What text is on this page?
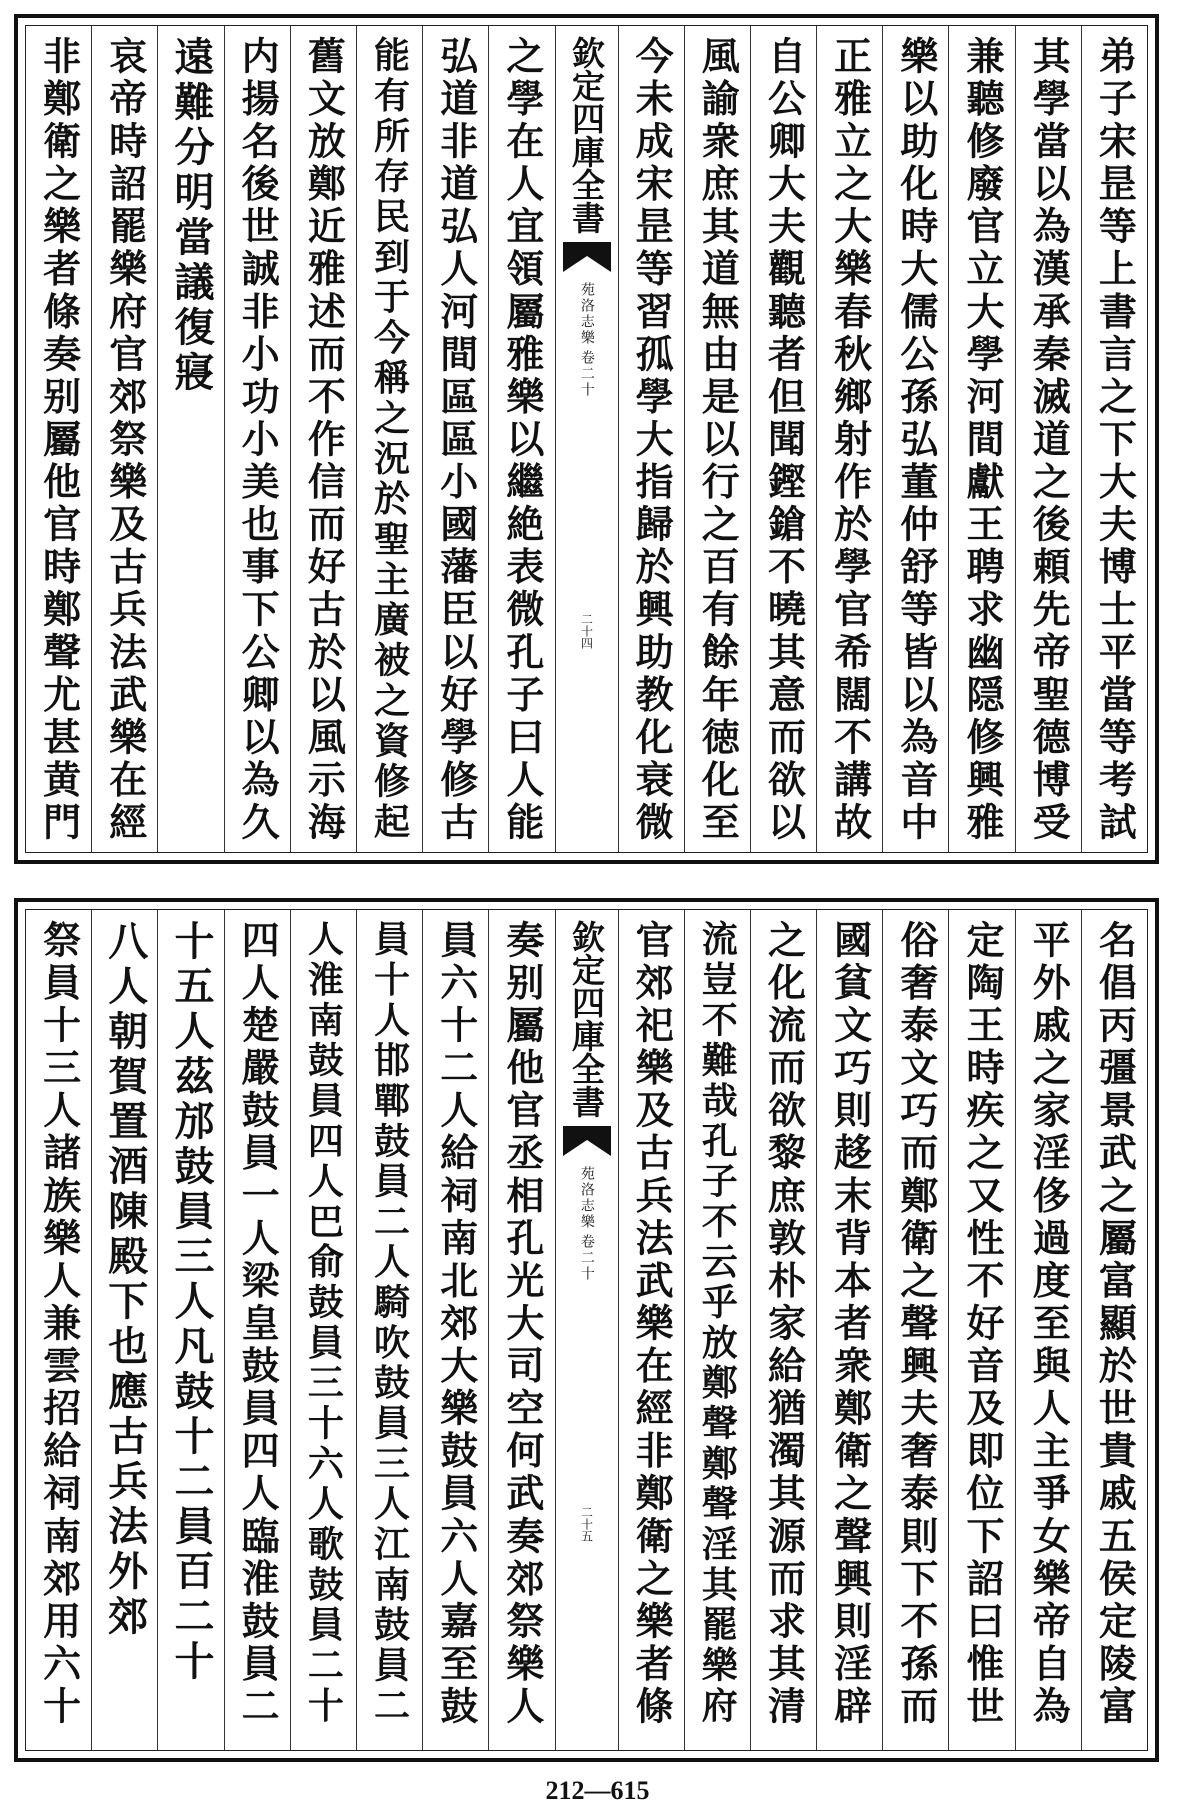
弟子宋昰等上書言之下大夫博士平當等考試
其學當以為漢承秦滅道之後頼先帝聖德博受
兼聽修廢官立大學河間獻王聘求幽隠修興雅
樂以助化時大儒公孫弘董仲舒等皆以為音中
正雅立之大樂春秋鄉射作於學官希闊不講故
自公卿大夫觀聽者但聞鏗鎗不曉其意而欲以
風諭衆庶其道無由是以行之百有餘年徳化至
今未成宋昰等習孤學大指歸於興助教化衰微
欽定四庫全書
苑洛志樂
卷二十
二十四
之學在人宜領屬雅樂以繼絶表微孔子曰人能
弘道非道弘人河間區區小國藩臣以好學修古
能有所存民到于今稱之況於聖主廣被之資修起
舊文放鄭近雅述而不作信而好古於以風示海
内揚名後世誠非小功小美也事下公卿以為久
遠難分明當議復寢
哀帝時詔罷樂府官郊祭樂及古兵法武樂在經
非鄭衛之樂者條奏别屬他官時鄭聲尤甚黄門
名倡丙彊景武之屬富顯於世貴戚五侯定陵富
平外戚之家淫侈過度至與人主爭女樂帝自為
定陶王時疾之又性不好音及即位下詔曰惟世
俗奢泰文巧而鄭衛之聲興夫奢泰則下不孫而
國貧文巧則趍末背本者衆鄭衛之聲興則淫辟
之化流而欲黎庶敦朴家給猶濁其源而求其清
流豈不難哉孔子不云乎放鄭聲鄭聲淫其罷樂府
官郊祀樂及古兵法武樂在經非鄭衛之樂者條
欽定四庫全書
苑洛志樂
卷二十
二十五
奏别屬他官丞相孔光大司空何武奏郊祭樂人
員六十二人給祠南北郊大樂鼓員六人嘉至鼓
員十人邯鄲鼓員二人騎吹鼓員三人江南鼓員二
人淮南鼓員四人巴俞鼓員三十六人歌鼓員二十
四人楚嚴鼓員一人梁皇鼓員四人臨淮鼓員二
十五人茲邡鼓員三人凡鼓十二員百二十
八人朝賀置酒陳殿下也應古兵法外郊
祭員十三人諸族樂人兼雲招給祠南郊用六十
212—615
